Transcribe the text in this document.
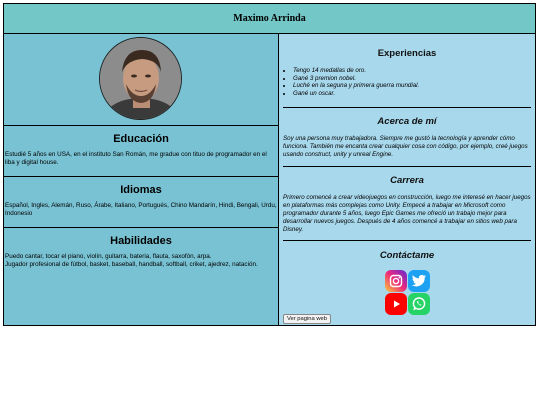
Maximo Arrinda
Educación

Estudié 5 años en USA, en el instituto San Román, me gradue con tituo de programador en el liba y digital house.

Idiomas

Español, Ingles, Alemán, Ruso, Árabe, Italiano, Portugués, Chino Mandarín, Hindi, Bengali, Urdu, Indonesio

Habilidades

Puedo cantar, tocar el piano, violín, guitarra, bateria, flauta, saxofón, arpa.

Jugador profesional de fútbol, basket, baseball, handball, softball, criket, ajedrez, natación.

Experiencias
• Tengo 14 medallas de oro.
• Gané 3 premion nobel.
• Luché en la seguna y primera guerra mundial.
• Gané un oscar.
Acerca de mí

Soy una persona muy trabajadora. Siempre me gustó la tecnología y aprender cómo funciona. También me encanta crear cualquier cosa con código, por ejemplo, creé juegos usando construct, unity y unreal Engine.

Carrera

Primero comencé a crear videojuegos en construcción, luego me interesé en hacer juegos en plataformas más complejas como Unity. Empecé a trabajar en Microsoft como programador durante 5 años, luego Epic Games me ofreció un trabajo mejor para desarrollar nuevos juegos. Después de 4 años comencé a trabajar en sitios web para Disney.

Contáctame
Ver pagina web
